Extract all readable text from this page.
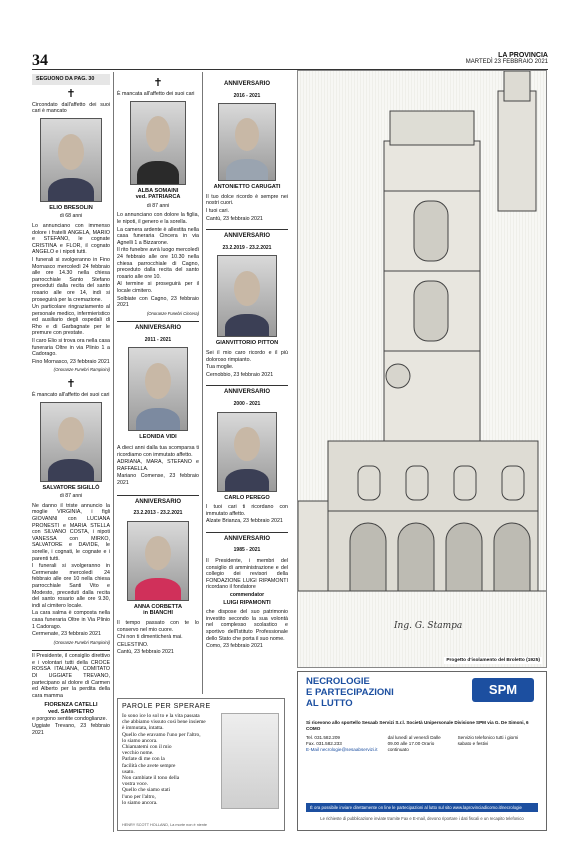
34	LA PROVINCIA
MARTEDÌ 23 FEBBRAIO 2021
SEGUONO DA PAG. 30
✝

Circondato dall'affetto dei suoi cari è mancato

ELIO BRESOLIN
di 68 anni

Lo annunciano con immenso dolore i fratelli ANGELA, MARIO e STEFANO, le cognate CRISTINA e FLOR, il cognato ANGELO e i nipoti tutti.

I funerali si svolgeranno in Fino Mornasco mercoledì 24 febbraio alle ore 14.30 nella chiesa parrocchiale Santo Stefano preceduti dalla recita del santo rosario alle ore 14, indi si proseguirà per la cremazione.

Un particolare ringraziamento al personale medico, infermieristico ed ausiliario degli ospedali di Rho e di Garbagnate per le premure con prestate.

Il caro Elio si trova ora nella casa funeraria Oltre in via Plinio 1 a Cadorago.

Fino Mornasco, 23 febbraio 2021

(Onoranze Funebri Rampinini)
✝

È mancato all'affetto dei suoi cari

SALVATORE SIGILLÒ
di 87 anni

Ne danno il triste annuncio la moglie VIRGINIA, i figli GIOVANNI con LUCIANA PRONESTI e MARIA STELLA con SILVANO COSTA, i nipoti VANESSA con MIRKO, SALVATORE e DAVIDE, le sorelle, i cognati, le cognate e i parenti tutti.

I funerali si svolgeranno in Cermenate mercoledì 24 febbraio alle ore 10 nella chiesa parrocchiale Santi Vito e Modesto, preceduti dalla recita del santo rosario alle ore 9.30, indi al cimitero locale.

La cara salma è composta nella casa funeraria Oltre in Via Plinio 1 Cadorago.

Cermenate, 23 febbraio 2021

(Onoranze Funebri Rampinini)

Il Presidente, il consiglio direttivo e i volontari tutti della CROCE ROSSA ITALIANA, COMITATO DI UGGIATE TREVANO, partecipano al dolore di Carmen ed Alberto per la perdita della cara mamma

FIORENZA CATELLI
ved. SAMPIETRO

e porgono sentite condoglianze.

Uggiate Trevano, 23 febbraio 2021

✝

È mancata all'affetto dei suoi cari

ALBA SOMAINI
ved. PATRIARCA
di 87 anni

Lo annunciano con dolore la figlia, le nipoti, il genero e la sorella.

La camera ardente è allestita nella casa funeraria Cincera in via Agnelli 1 a Bizzarone.

Il rito funebre avrà luogo mercoledì 24 febbraio alle ore 10.30 nella chiesa parrocchiale di Cagno, preceduto dalla recita del santo rosario alle ore 10.

Al termine si proseguirà per il locale cimitero.

Solbiate con Cagno, 23 febbraio 2021

(Onoranze Funebri Cincera)
ANNIVERSARIO
2011 - 2021
LEONIDA VIDI

A dieci anni dalla tua scomparsa ti ricordiamo con immutato affetto.

ADRIANA, MARA, STEFANO e RAFFAELLA.

Mariano Comense, 23 febbraio 2021

ANNIVERSARIO
23.2.2013 - 23.2.2021
ANNA CORBETTA
in BIANCHI

Il tempo passato con te lo conservo nel mio cuore.

Chi non ti dimenticherà mai.

CELESTINO.

Cantù, 23 febbraio 2021

ANNIVERSARIO
2016 - 2021
ANTONIETTO CARUGATI

Il tuo dolce ricordo è sempre nei nostri cuori.

I tuoi cari.

Cantù, 23 febbraio 2021

ANNIVERSARIO
23.2.2019 - 23.2.2021
GIANVITTORIO PITTON

Sei il mio caro ricordo e il più doloroso rimpianto.

Tua moglie.

Cernobbio, 23 febbraio 2021

ANNIVERSARIO
2000 - 2021
CARLO PEREGO

I tuoi cari ti ricordano con immutato affetto.

Alzate Brianza, 23 febbraio 2021

ANNIVERSARIO
1985 - 2021

Il Presidente, i membri del consiglio di amministrazione e del collegio dei revisori della FONDAZIONE LUIGI RIPAMONTI ricordano il fondatore

commendator
LUIGI RIPAMONTI

che dispose del suo patrimonio investito secondo la sua volontà nel complesso scolastico e sportivo dell'Istituto Professionale dello Stato che porta il suo nome.

Como, 23 febbraio 2021

Ing. G. Stampa
Progetto d'isolamento del Broletto (1925)
NECROLOGIE
E PARTECIPAZIONI
AL LUTTO
SPM
Si ricevono allo sportello Sesaab Servizi S.r.l. Società Unipersonale Divisione SPM via G. De Simoni, 6 COMO
Tel. 031.582.209
Fax. 031.582.233
E-Mail necrologie@sesaabservizi.it
dal lunedì al venerdì Dalle 09.00 alle 17.00 Orario continuato
Servizio telefonico tutti i giorni sabato e festivi
È ora possibile inviare direttamente on line le partecipazioni al lutto sul sito www.laprovinciadicomo.it/necrologie
Le richieste di pubblicazione inviate tramite Fax e E-mail, devono riportare i dati fiscali e un recapito telefonico
PAROLE PER SPERARE
Io sono ice lo sol to e la vita passata
che abbiamo vissuto così bene insieme
è immutata, intatta.
Quello che eravamo l'uno per l'altro,
lo siamo ancora.
Chiamatemi con il mio
vecchio nome.
Parlate di me con la
facilità che avete sempre
usato.
Non cambiate il tono della
vostra voce.
Quello che siamo stati
l'uno per l'altro,
lo siamo ancora.
HENRY SCOTT HOLLAND, La morte non è niente
